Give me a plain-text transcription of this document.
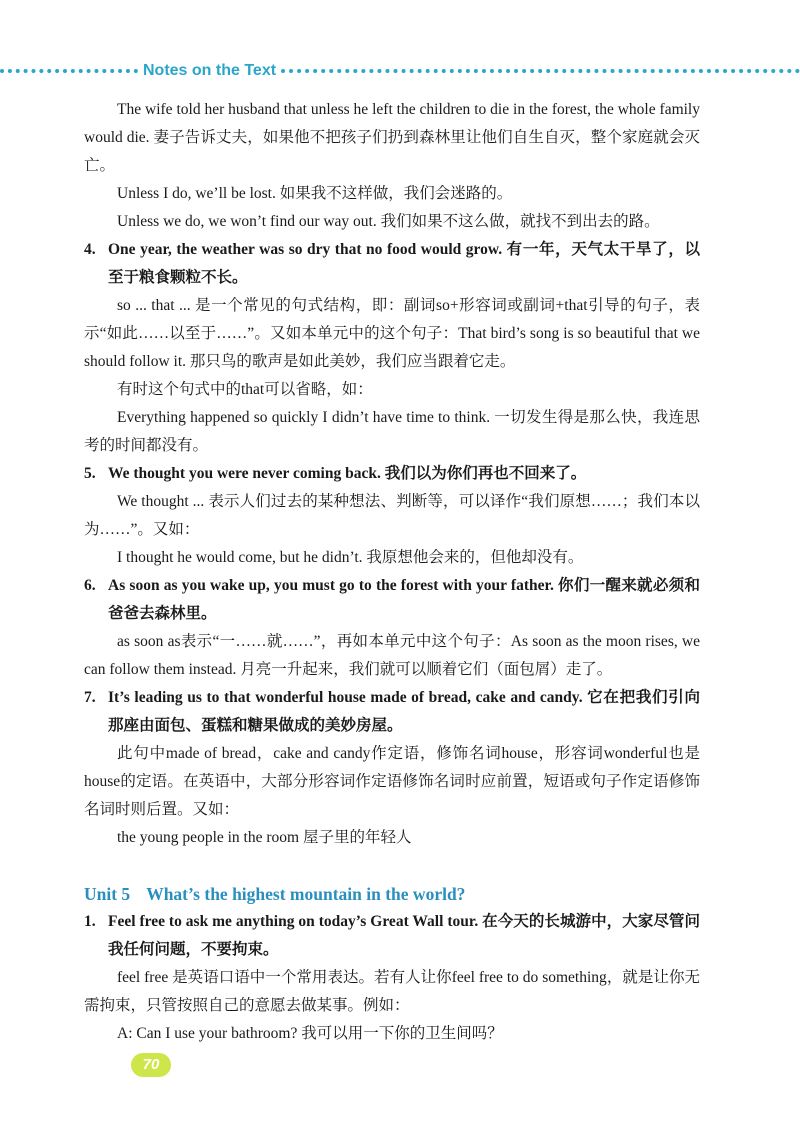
Notes on the Text

The wife told her husband that unless he left the children to die in the forest, the whole family would die. 妻子告诉丈夫，如果他不把孩子们扔到森林里让他们自生自灭，整个家庭就会灭亡。

Unless I do, we’ll be lost. 如果我不这样做，我们会迷路的。

Unless we do, we won’t find our way out. 我们如果不这么做，就找不到出去的路。

4. One year, the weather was so dry that no food would grow. 有一年，天气太干旱了，以至于粮食颗粒不长。

so ... that ... 是一个常见的句式结构，即：副词so+形容词或副词+that引导的句子，表示“如此……以至于……”。又如本单元中的这个句子：That bird’s song is so beautiful that we should follow it. 那只鸟的歌声是如此美妙，我们应当跟着它走。

有时这个句式中的that可以省略，如：

Everything happened so quickly I didn’t have time to think. 一切发生得是那么快，我连思考的时间都没有。

5. We thought you were never coming back. 我们以为你们再也不回来了。

We thought ... 表示人们过去的某种想法、判断等，可以译作“我们原想……；我们本以为……”。又如：

I thought he would come, but he didn’t. 我原想他会来的，但他却没有。

6. As soon as you wake up, you must go to the forest with your father. 你们一醒来就必须和爸爸去森林里。

as soon as表示“一……就……”，再如本单元中这个句子：As soon as the moon rises, we can follow them instead. 月亮一升起来，我们就可以顺着它们（面包屑）走了。

7. It’s leading us to that wonderful house made of bread, cake and candy. 它在把我们引向那座由面包、蛋糕和糖果做成的美妙房屋。

此句中made of bread，cake and candy作定语，修饰名词house，形容词wonderful也是house的定语。在英语中，大部分形容词作定语修饰名词时应前置，短语或句子作定语修饰名词时则后置。又如：

the young people in the room 屋子里的年轻人

Unit 5 What’s the highest mountain in the world?

1. Feel free to ask me anything on today’s Great Wall tour. 在今天的长城游中，大家尽管问我任何问题，不要拘束。

feel free 是英语口语中一个常用表达。若有人让你feel free to do something，就是让你无需拘束，只管按照自己的意愿去做某事。例如：

A: Can I use your bathroom? 我可以用一下你的卫生间吗？

70
